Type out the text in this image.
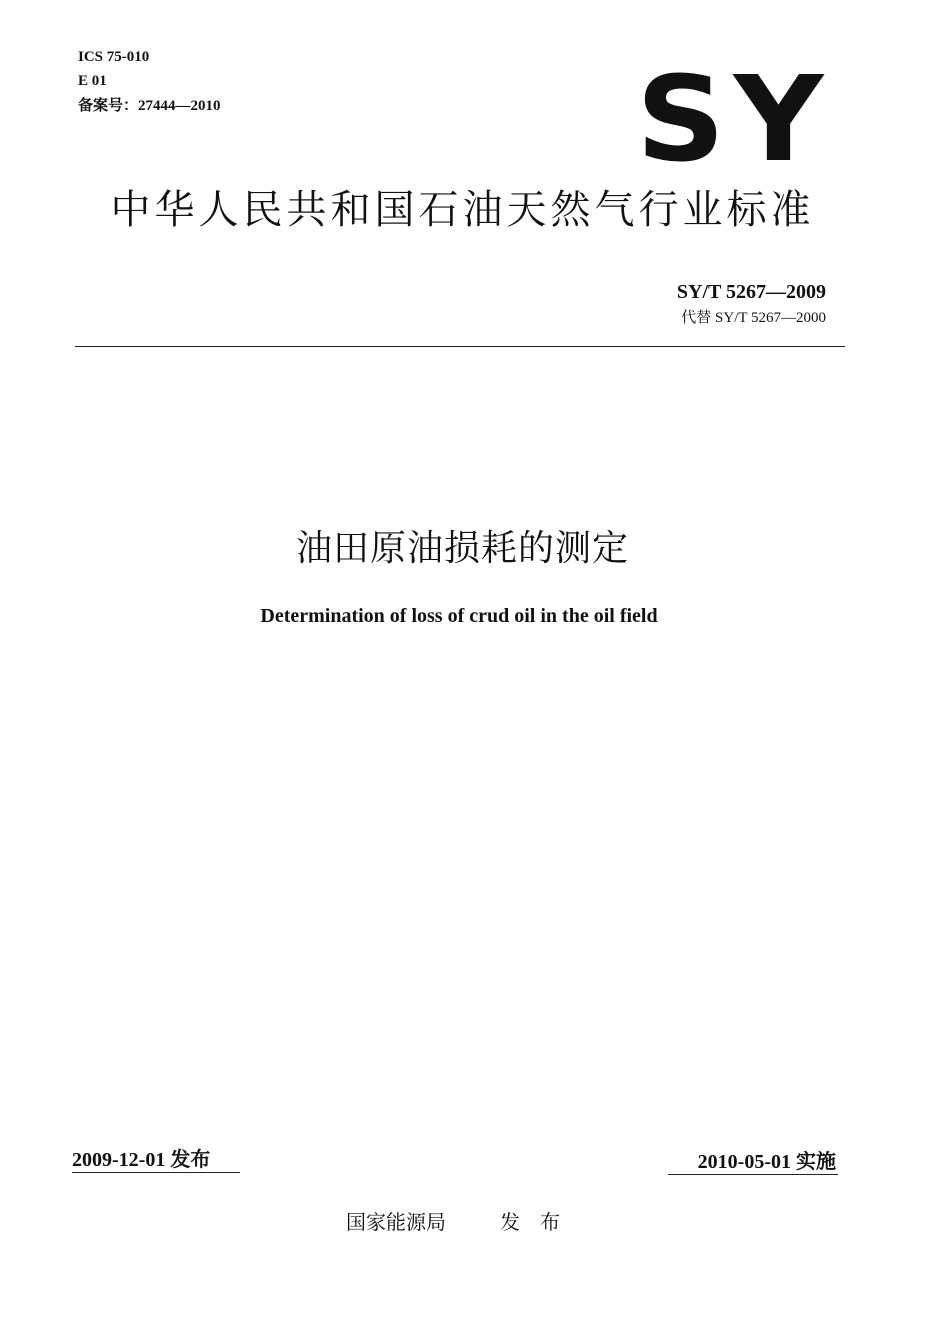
ICS 75-010
E 01
备案号：27444—2010	SY
中华人民共和国石油天然气行业标准
SY/T 5267—2009
代替 SY/T 5267—2000
油田原油损耗的测定
Determination of loss of crud oil in the oil field
2009-12-01 发布	2010-05-01 实施
国家能源局	发布
